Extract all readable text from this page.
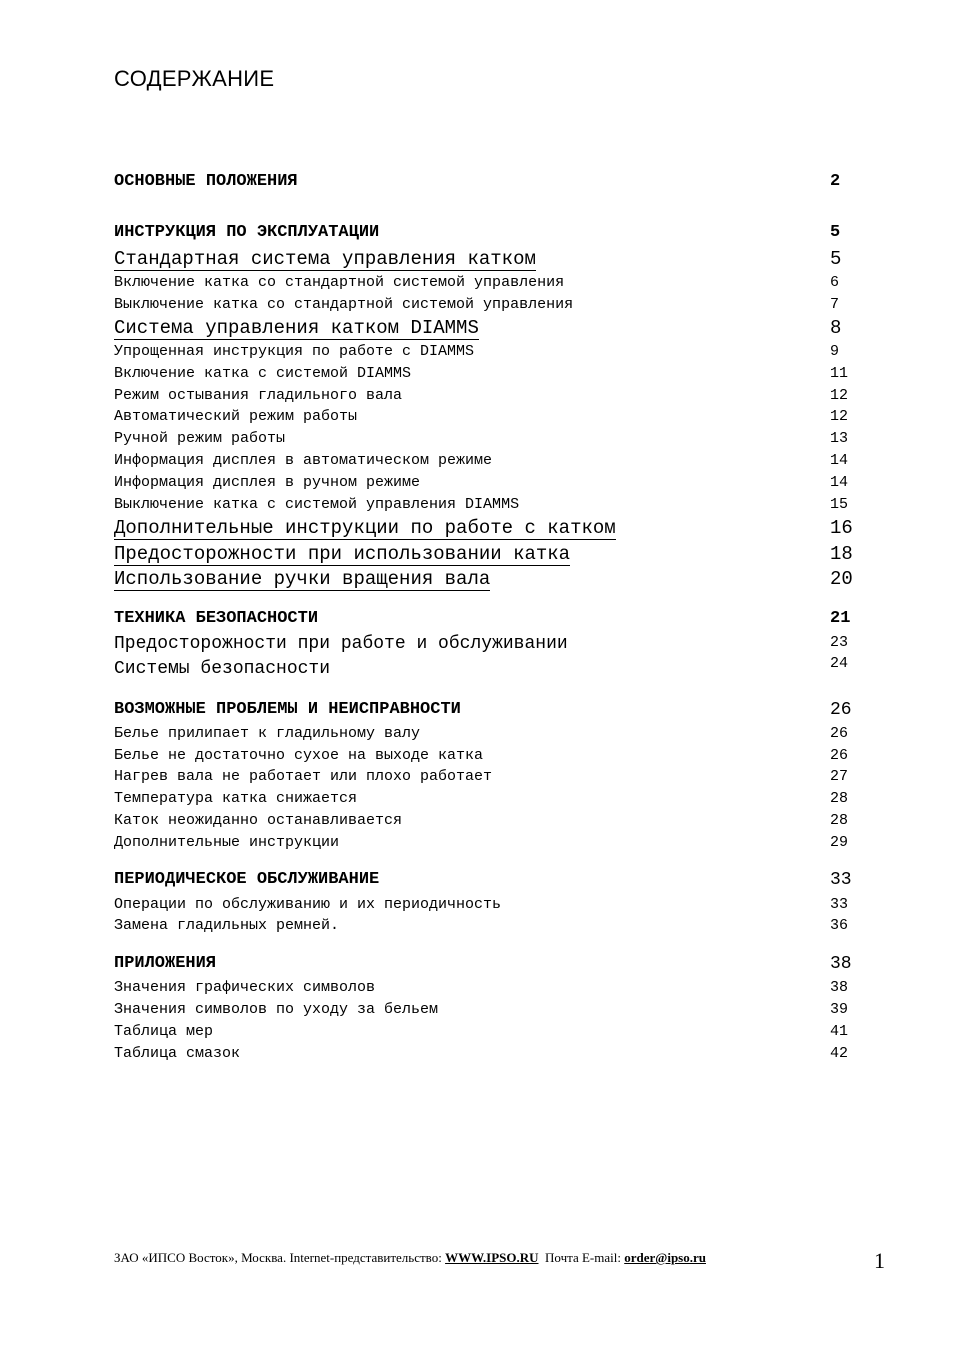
СОДЕРЖАНИЕ
ОСНОВНЫЕ ПОЛОЖЕНИЯ	2
ИНСТРУКЦИЯ ПО ЭКСПЛУАТАЦИИ	5
Стандартная система управления катком	5
Включение катка со стандартной системой управления	6
Выключение катка со стандартной системой управления	7
Система управления катком DIAMMS	8
Упрощенная инструкция по работе с DIAMMS	9
Включение катка с системой DIAMMS	11
Режим остывания гладильного вала	12
Автоматический режим работы	12
Ручной режим работы	13
Информация дисплея в автоматическом режиме	14
Информация дисплея в ручном режиме	14
Выключение катка с системой управления DIAMMS	15
Дополнительные инструкции по работе с катком	16
Предосторожности при использовании катка	18
Использование ручки вращения вала	20
ТЕХНИКА БЕЗОПАСНОСТИ	21
Предосторожности при работе и обслуживании	23
Системы безопасности	24
ВОЗМОЖНЫЕ ПРОБЛЕМЫ И НЕИСПРАВНОСТИ	26
Белье прилипает к гладильному валу	26
Белье не достаточно сухое на выходе катка	26
Нагрев вала не работает или плохо работает	27
Температура катка снижается	28
Каток неожиданно останавливается	28
Дополнительные инструкции	29
ПЕРИОДИЧЕСКОЕ ОБСЛУЖИВАНИЕ	33
Операции по обслуживанию и их периодичность	33
Замена гладильных ремней.	36
ПРИЛОЖЕНИЯ	38
Значения графических символов	38
Значения символов по уходу за бельем	39
Таблица мер	41
Таблица смазок	42
ЗАО «ИПСО Восток», Москва. Internet-представительство: WWW.IPSO.RU Почта E-mail: order@ipso.ru	1
